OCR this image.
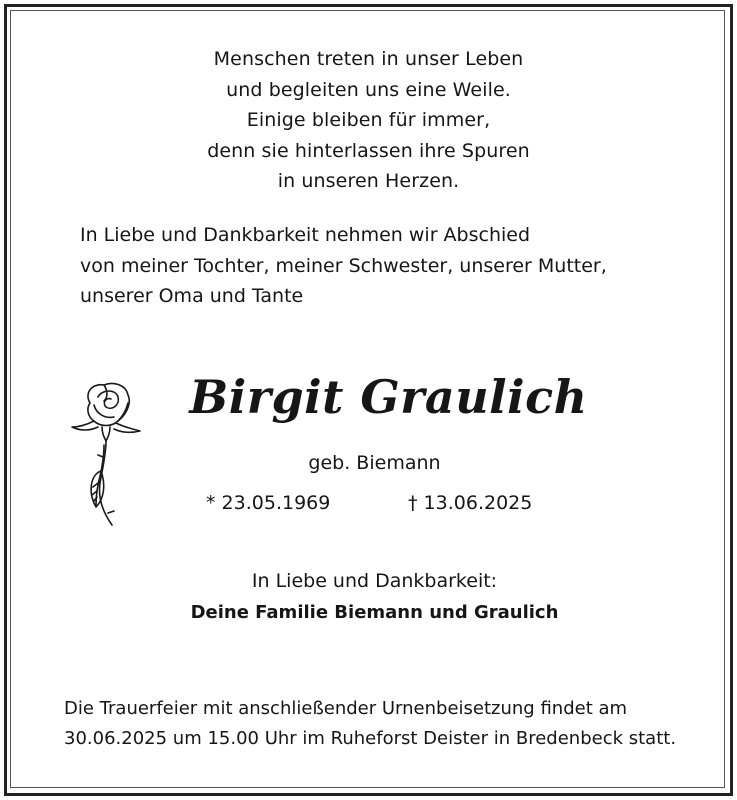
Menschen treten in unser Leben
und begleiten uns eine Weile.
Einige bleiben für immer,
denn sie hinterlassen ihre Spuren
in unseren Herzen.
In Liebe und Dankbarkeit nehmen wir Abschied
von meiner Tochter, meiner Schwester, unserer Mutter,
unserer Oma und Tante
Birgit Graulich
geb. Biemann
* 23.05.1969	† 13.06.2025
In Liebe und Dankbarkeit:
Deine Familie Biemann und Graulich
Die Trauerfeier mit anschließender Urnenbeisetzung findet am
30.06.2025 um 15.00 Uhr im Ruheforst Deister in Bredenbeck statt.
